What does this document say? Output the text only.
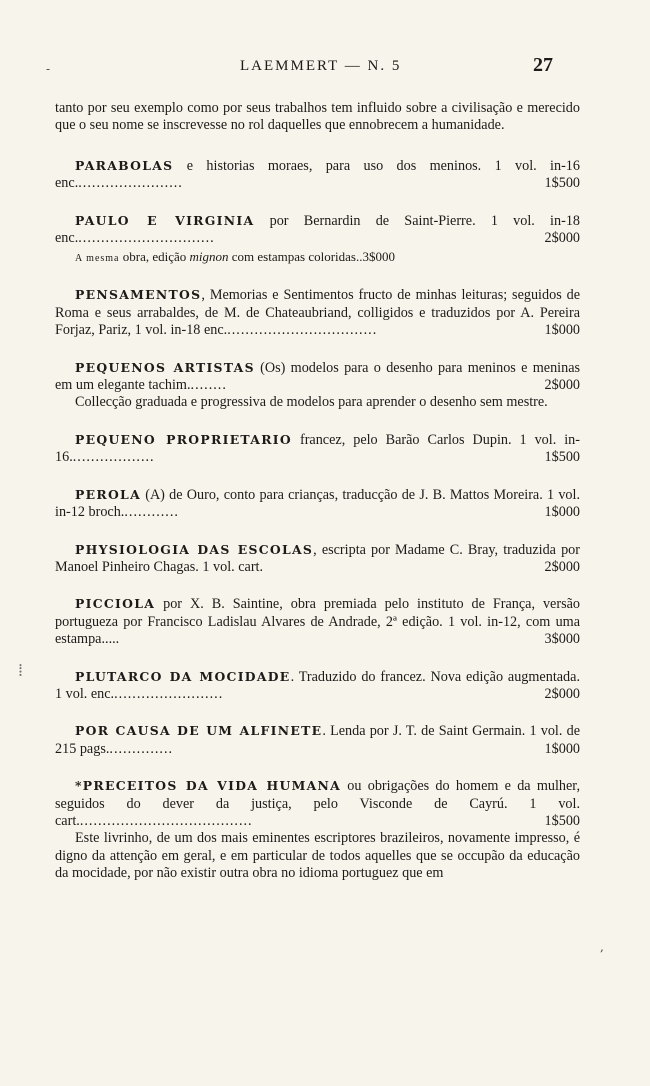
LAEMMERT — N. 5	27

tanto por seu exemplo como por seus trabalhos tem influido sobre a civilisação e merecido que o seu nome se inscrevesse no rol daquelles que ennobrecem a humanidade.

PARABOLAS e historias moraes, para uso dos meninos. 1 vol. in-16 enc........................	1$500

PAULO E VIRGINIA por Bernardin de Saint-Pierre. 1 vol. in-18 enc...............................	2$000

A mesma obra, edição mignon com estampas coloridas..3$000

PENSAMENTOS, Memorias e Sentimentos fructo de minhas leituras; seguidos de Roma e seus arrabaldes, de M. de Chateaubriand, colligidos e traduzidos por A. Pereira Forjaz, Pariz, 1 vol. in-18 enc..................................	1$000

PEQUENOS ARTISTAS (Os) modelos para o desenho para meninos e meninas em um elegante tachim.........	2$000

Collecção graduada e progressiva de modelos para aprender o desenho sem mestre.

PEQUENO PROPRIETARIO francez, pelo Barão Carlos Dupin. 1 vol. in-16...................	1$500

PEROLA (A) de Ouro, conto para crianças, traducção de J. B. Mattos Moreira. 1 vol. in-12 broch.............	1$000

PHYSIOLOGIA DAS ESCOLAS, escripta por Madame C. Bray, traduzida por Manoel Pinheiro Chagas. 1 vol. cart.	2$000

PICCIOLA por X. B. Saintine, obra premiada pelo instituto de França, versão portugueza por Francisco Ladislau Alvares de Andrade, 2ª edição. 1 vol. in-12, com uma estampa.....	3$000

PLUTARCO DA MOCIDADE. Traduzido do francez. Nova edição augmentada. 1 vol. enc.........................	2$000

POR CAUSA DE UM ALFINETE. Lenda por J. T. de Saint Germain. 1 vol. de 215 pags...............	1$000

*PRECEITOS DA VIDA HUMANA ou obrigações do homem e da mulher, seguidos do dever da justiça, pelo Visconde de Cayrú. 1 vol. cart.......................................	1$500

Este livrinho, de um dos mais eminentes escriptores brazileiros, novamente impresso, é digno da attenção em geral, e em particular de todos aquelles que se occupão da educação da mocidade, por não existir outra obra no idioma portuguez que em

-
⁞
,
